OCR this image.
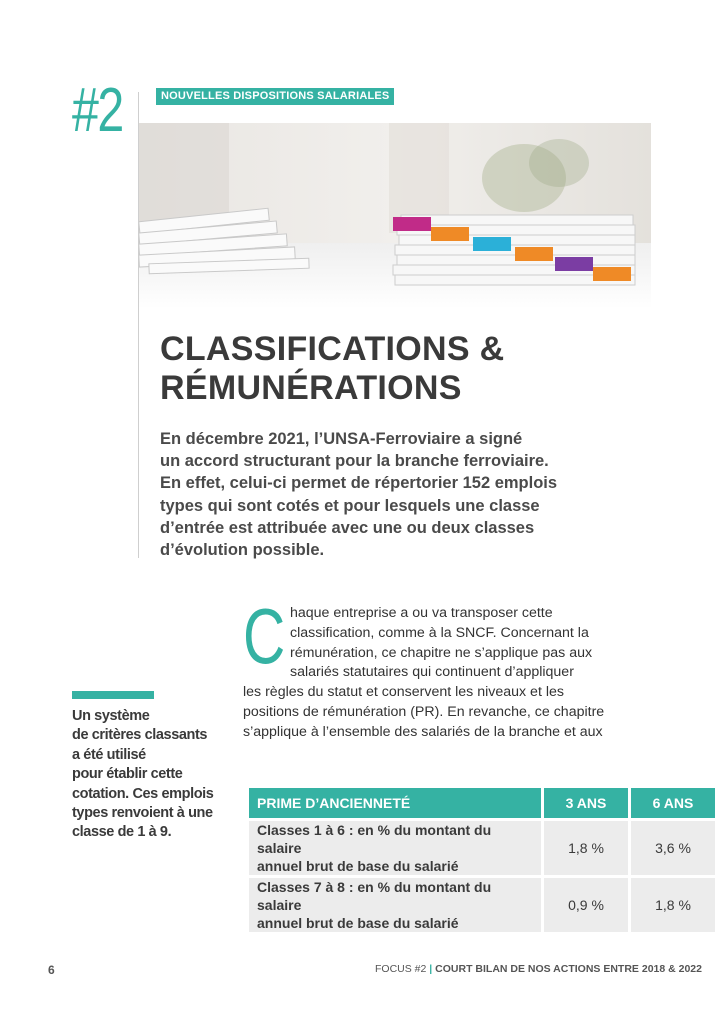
#2	NOUVELLES DISPOSITIONS SALARIALES
CLASSIFICATIONS &
RÉMUNÉRATIONS
En décembre 2021, l’UNSA-Ferroviaire a signé
un accord structurant pour la branche ferroviaire.
En effet, celui-ci permet de répertorier 152 emplois
types qui sont cotés et pour lesquels une classe
d’entrée est attribuée avec une ou deux classes
d’évolution possible.
C haque entreprise a ou va transposer cette
classification, comme à la SNCF. Concernant la
rémunération, ce chapitre ne s’applique pas aux
salariés statutaires qui continuent d’appliquer
les règles du statut et conservent les niveaux et les
positions de rémunération (PR). En revanche, ce chapitre
s’applique à l’ensemble des salariés de la branche et aux
Un système
de critères classants
a été utilisé
pour établir cette
cotation. Ces emplois
types renvoient à une
classe de 1 à 9.
PRIME D’ANCIENNETÉ	3 ANS	6 ANS

Classes 1 à 6 : en % du montant du salaire
annuel brut de base du salarié	1,8 %	3,6 %

Classes 7 à 8 : en % du montant du salaire
annuel brut de base du salarié	0,9 %	1,8 %
6	FOCUS #2 | COURT BILAN DE NOS ACTIONS ENTRE 2018 & 2022
